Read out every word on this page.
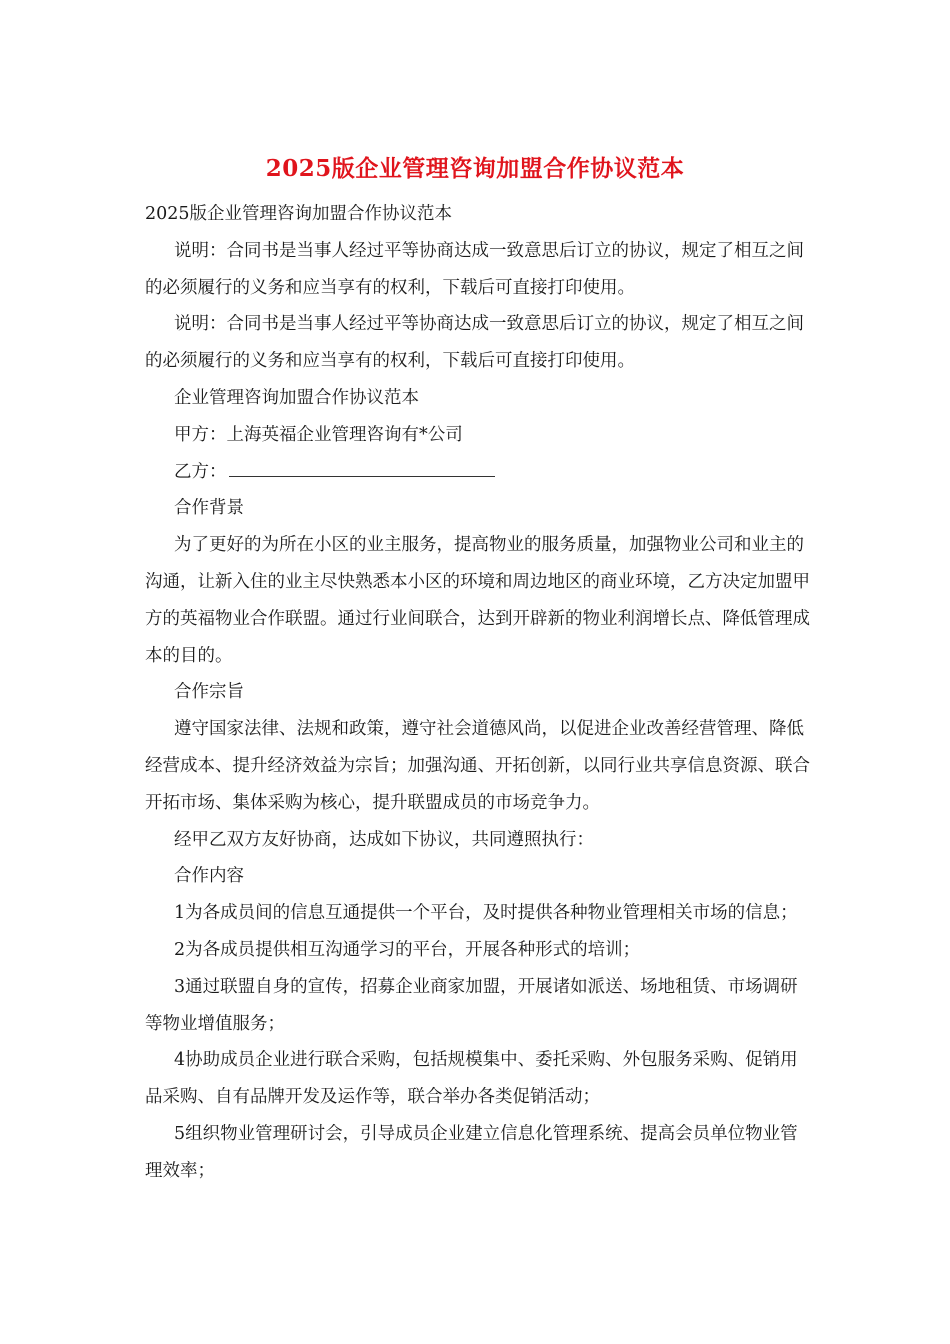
2025版企业管理咨询加盟合作协议范本

2025版企业管理咨询加盟合作协议范本

说明：合同书是当事人经过平等协商达成一致意思后订立的协议，规定了相互之间的必须履行的义务和应当享有的权利，下载后可直接打印使用。

说明：合同书是当事人经过平等协商达成一致意思后订立的协议，规定了相互之间的必须履行的义务和应当享有的权利，下载后可直接打印使用。

企业管理咨询加盟合作协议范本

甲方：上海英福企业管理咨询有*公司

乙方：

合作背景

为了更好的为所在小区的业主服务，提高物业的服务质量，加强物业公司和业主的沟通，让新入住的业主尽快熟悉本小区的环境和周边地区的商业环境，乙方决定加盟甲方的英福物业合作联盟。通过行业间联合，达到开辟新的物业利润增长点、降低管理成本的目的。

合作宗旨

遵守国家法律、法规和政策，遵守社会道德风尚，以促进企业改善经营管理、降低经营成本、提升经济效益为宗旨；加强沟通、开拓创新，以同行业共享信息资源、联合开拓市场、集体采购为核心，提升联盟成员的市场竞争力。

经甲乙双方友好协商，达成如下协议，共同遵照执行：

合作内容

1为各成员间的信息互通提供一个平台，及时提供各种物业管理相关市场的信息；

2为各成员提供相互沟通学习的平台，开展各种形式的培训；

3通过联盟自身的宣传，招募企业商家加盟，开展诸如派送、场地租赁、市场调研等物业增值服务；

4协助成员企业进行联合采购，包括规模集中、委托采购、外包服务采购、促销用品采购、自有品牌开发及运作等，联合举办各类促销活动；

5组织物业管理研讨会，引导成员企业建立信息化管理系统、提高会员单位物业管理效率；
